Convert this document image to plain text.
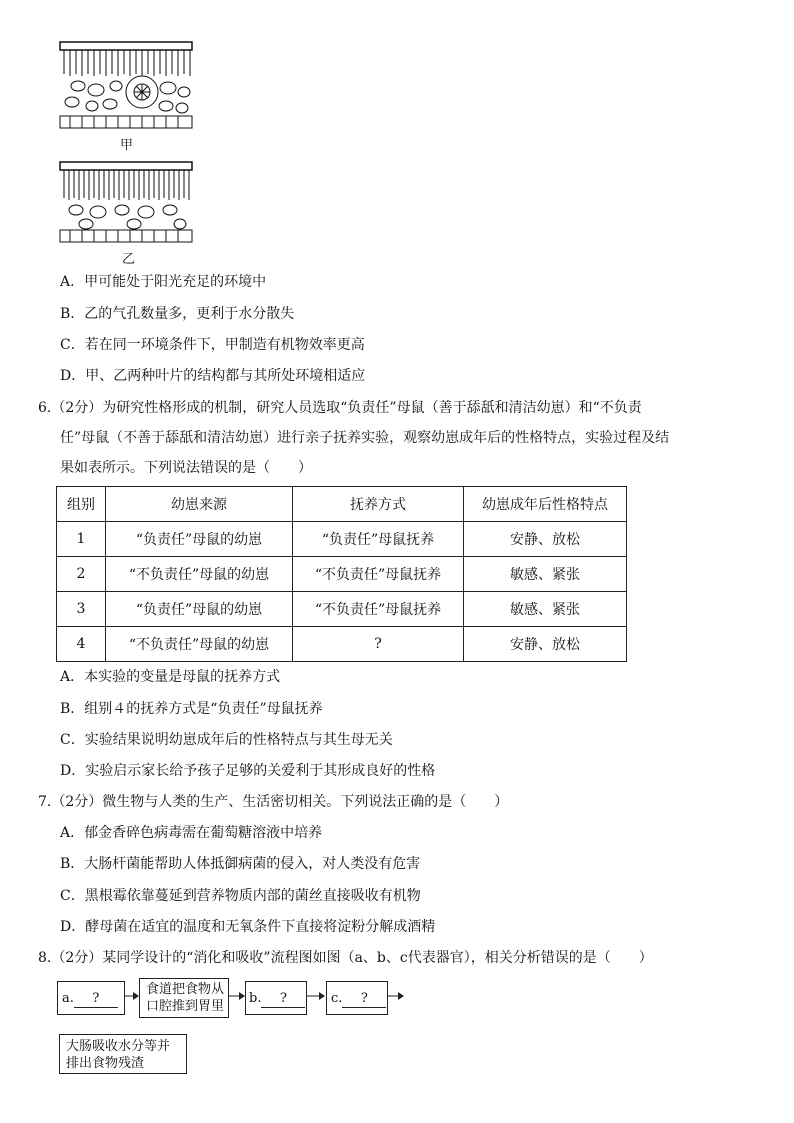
甲
乙
A．甲可能处于阳光充足的环境中
B．乙的气孔数量多，更利于水分散失
C．若在同一环境条件下，甲制造有机物效率更高
D．甲、乙两种叶片的结构都与其所处环境相适应
6.（2分）为研究性格形成的机制，研究人员选取“负责任”母鼠（善于舔舐和清洁幼崽）和“不负责
任”母鼠（不善于舔舐和清洁幼崽）进行亲子抚养实验，观察幼崽成年后的性格特点，实验过程及结
果如表所示。下列说法错误的是（　　）
组别	幼崽来源	抚养方式	幼崽成年后性格特点
1	“负责任”母鼠的幼崽	“负责任”母鼠抚养	安静、放松
2	“不负责任”母鼠的幼崽	“不负责任”母鼠抚养	敏感、紧张
3	“负责任”母鼠的幼崽	“不负责任”母鼠抚养	敏感、紧张
4	“不负责任”母鼠的幼崽	?	安静、放松
A．本实验的变量是母鼠的抚养方式
B．组别４的抚养方式是“负责任”母鼠抚养
C．实验结果说明幼崽成年后的性格特点与其生母无关
D．实验启示家长给予孩子足够的关爱利于其形成良好的性格
7.（2分）微生物与人类的生产、生活密切相关。下列说法正确的是（　　）
A．郁金香碎色病毒需在葡萄糖溶液中培养
B．大肠杆菌能帮助人体抵御病菌的侵入，对人类没有危害
C．黑根霉依靠蔓延到营养物质内部的菌丝直接吸收有机物
D．酵母菌在适宜的温度和无氧条件下直接将淀粉分解成酒精
8.（2分）某同学设计的“消化和吸收”流程图如图（a、b、c代表器官），相关分析错误的是（　　）
a. ?
食道把食物从
口腔推到胃里
b. ?	c. ?
大肠吸收水分等并
排出食物残渣
